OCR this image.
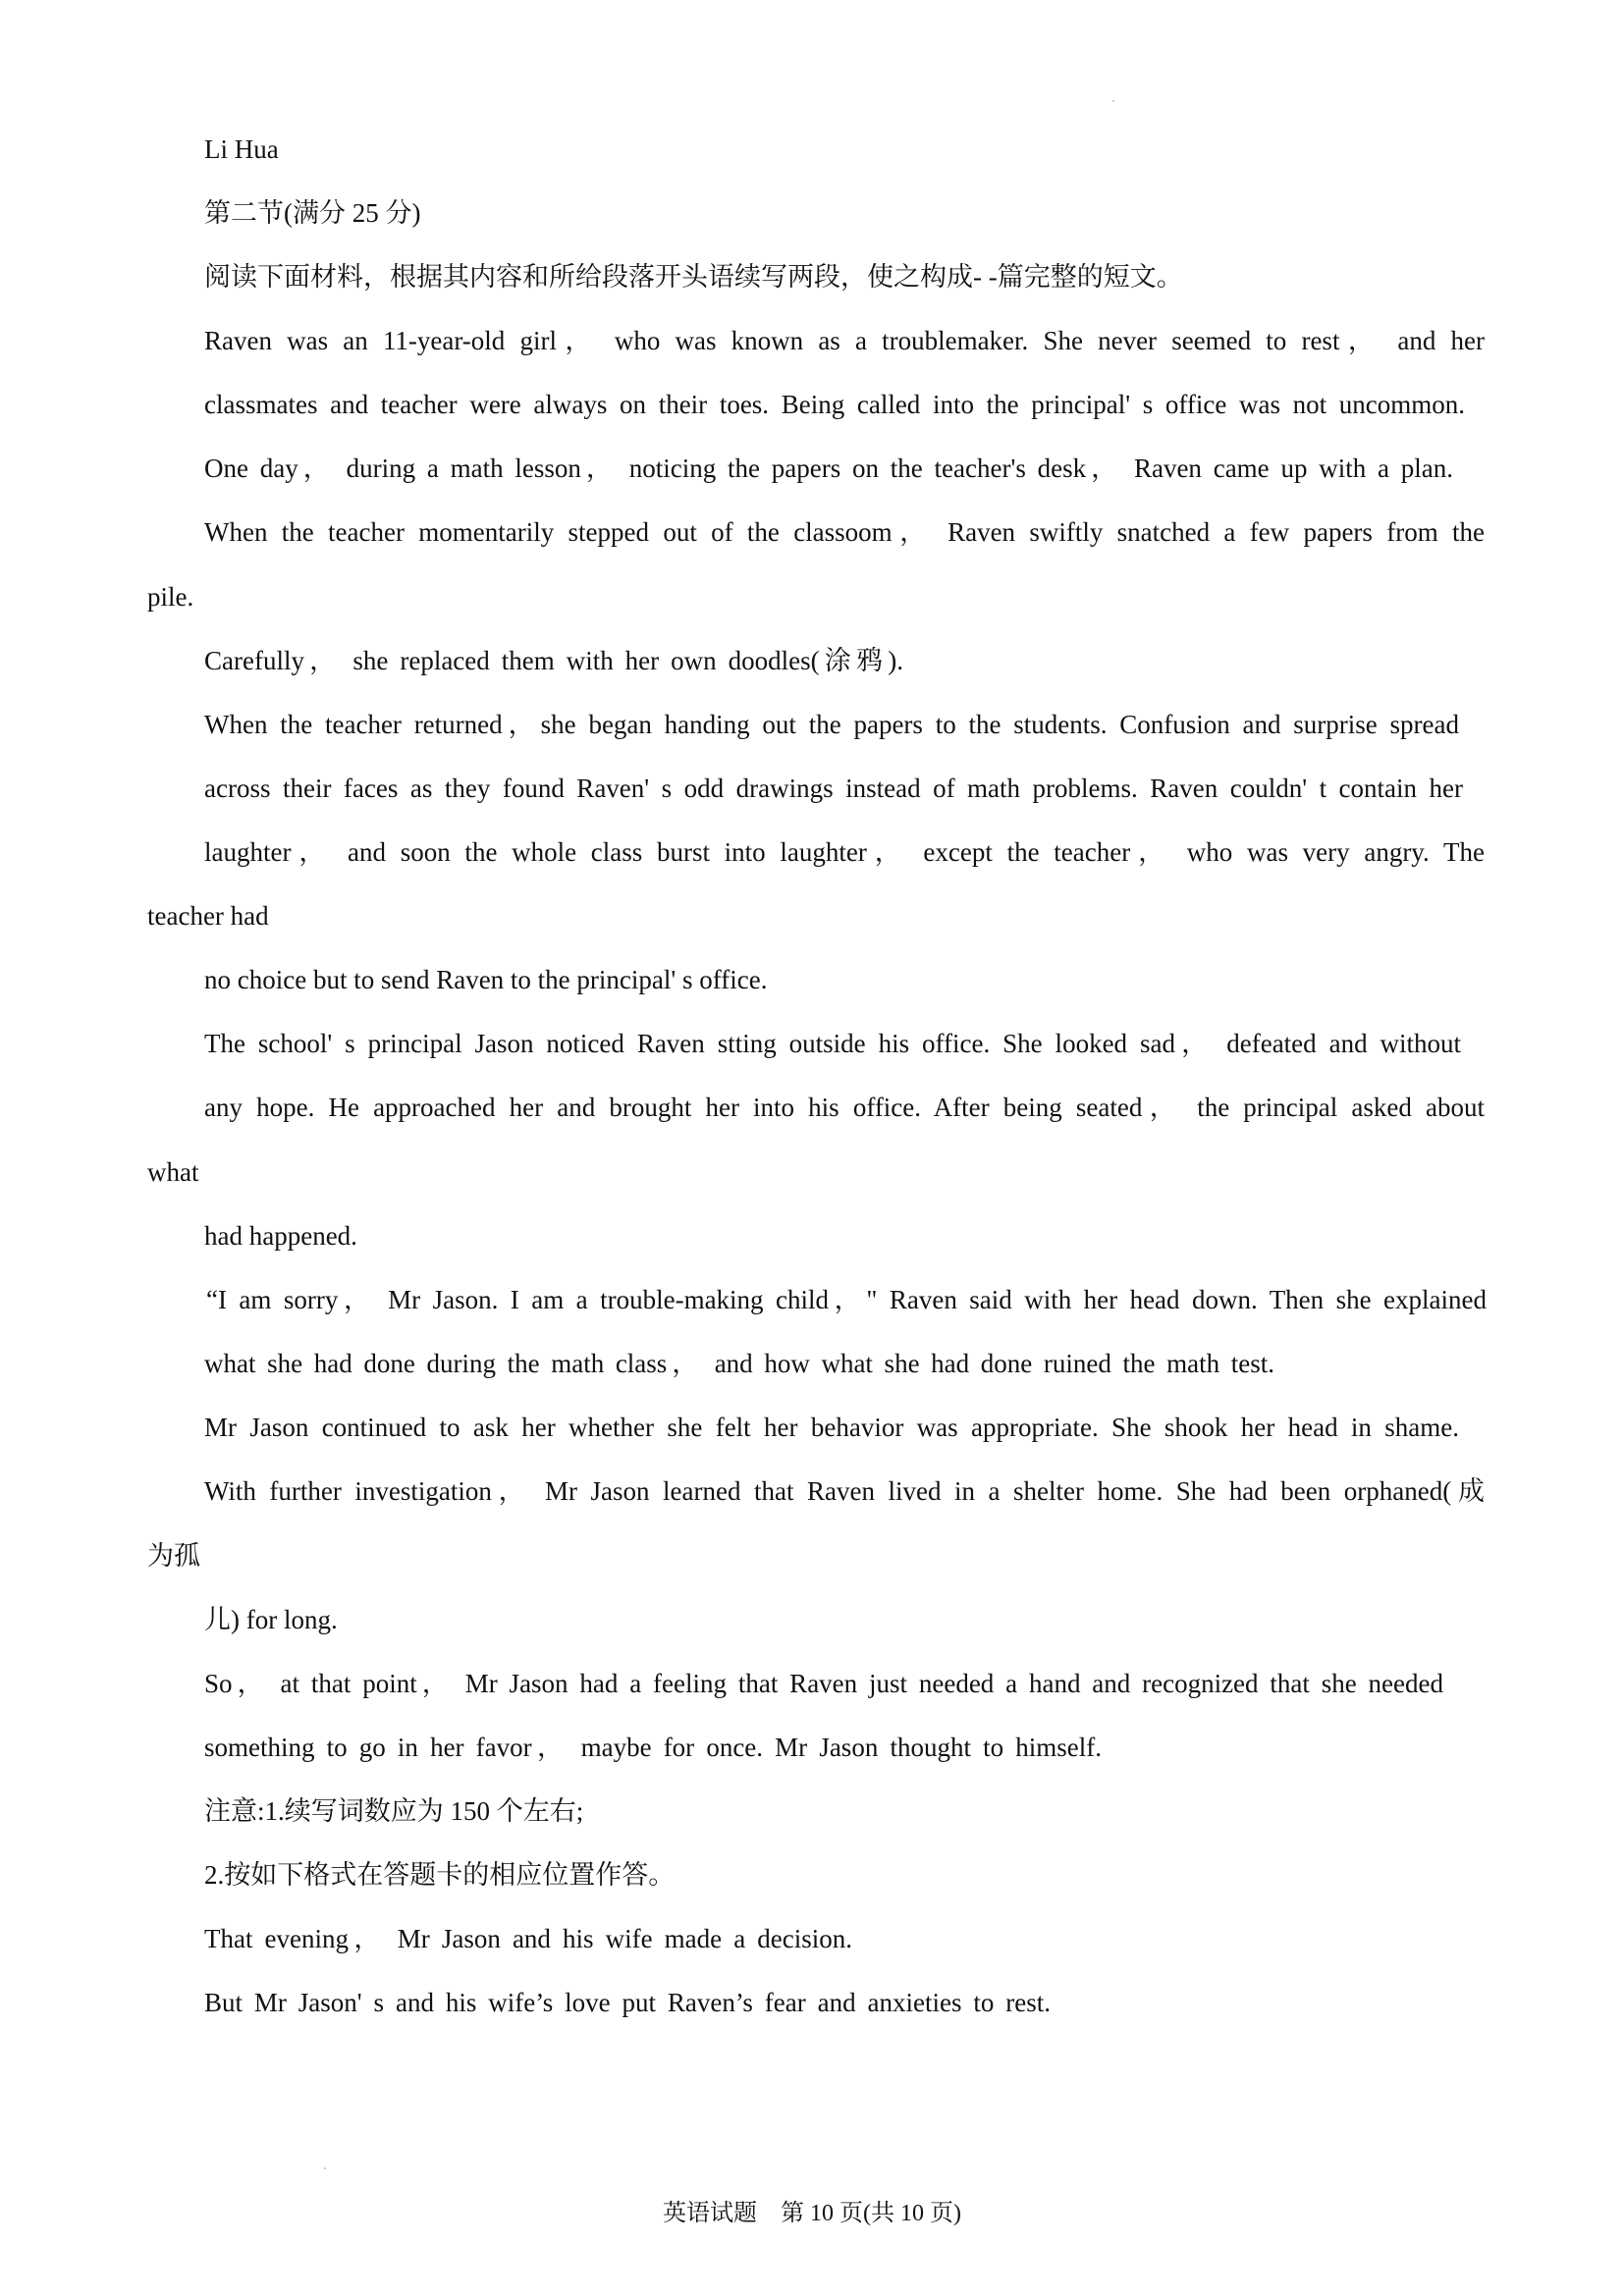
Li Hua
第二节(满分 25 分)
阅读下面材料，根据其内容和所给段落开头语续写两段，使之构成- -篇完整的短文。
Raven was an 11-year-old girl， who was known as a troublemaker. She never seemed to rest， and her
classmates and teacher were always on their toes. Being called into the principal' s office was not uncommon.
One day， during a math lesson， noticing the papers on the teacher's desk， Raven came up with a plan.
When the teacher momentarily stepped out of the classoom， Raven swiftly snatched a few papers from the
pile.
Carefully， she replaced them with her own doodles(涂鸦).
When the teacher returned，she began handing out the papers to the students. Confusion and surprise spread
across their faces as they found Raven' s odd drawings instead of math problems. Raven couldn' t contain her
laughter， and soon the whole class burst into laughter， except the teacher， who was very angry. The
teacher had
no choice but to send Raven to the principal' s office.
The school' s principal Jason noticed Raven stting outside his office. She looked sad， defeated and without
any hope. He approached her and brought her into his office. After being seated， the principal asked about
what
had happened.
“I am sorry， Mr Jason. I am a trouble-making child，" Raven said with her head down. Then she explained
what she had done during the math class， and how what she had done ruined the math test.
Mr Jason continued to ask her whether she felt her behavior was appropriate. She shook her head in shame.
With further investigation， Mr Jason learned that Raven lived in a shelter home. She had been orphaned(成
为孤
儿) for long.
So， at that point， Mr Jason had a feeling that Raven just needed a hand and recognized that she needed
something to go in her favor， maybe for once. Mr Jason thought to himself.
注意:1.续写词数应为 150 个左右;
2.按如下格式在答题卡的相应位置作答。
That evening， Mr Jason and his wife made a decision.
But Mr Jason' s and his wife’s love put Raven’s fear and anxieties to rest.
英语试题　第 10 页(共 10 页)
